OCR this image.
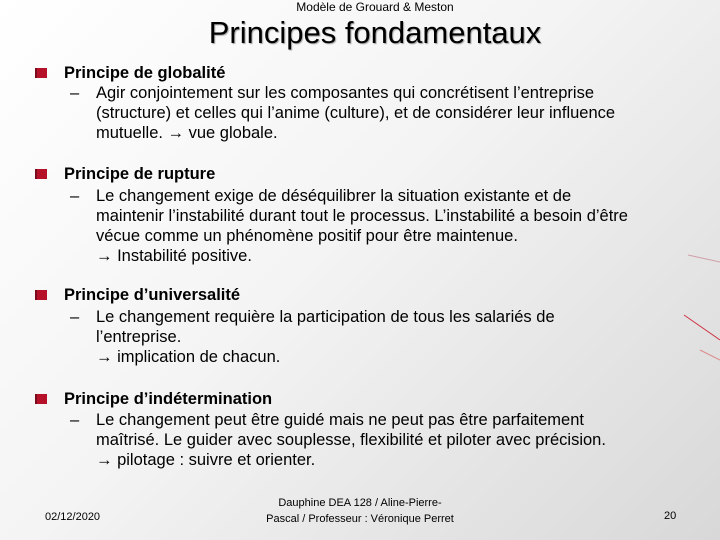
Modèle de Grouard & Meston
Principes fondamentaux
Principe de globalité
– Agir conjointement sur les composantes qui concrétisent l’entreprise
(structure) et celles qui l’anime (culture), et de considérer leur influence
mutuelle. → vue globale.
Principe de rupture
– Le changement exige de déséquilibrer la situation existante et de
maintenir l’instabilité durant tout le processus. L’instabilité a besoin d’être
vécue comme un phénomène positif pour être maintenue.
→ Instabilité positive.
Principe d’universalité
– Le changement requière la participation de tous les salariés de
l’entreprise.
→ implication de chacun.
Principe d’indétermination
– Le changement peut être guidé mais ne peut pas être parfaitement
maîtrisé. Le guider avec souplesse, flexibilité et piloter avec précision.
→ pilotage : suivre et orienter.
02/12/2020
Dauphine DEA 128 / Aline-Pierre-
Pascal / Professeur : Véronique Perret	20
